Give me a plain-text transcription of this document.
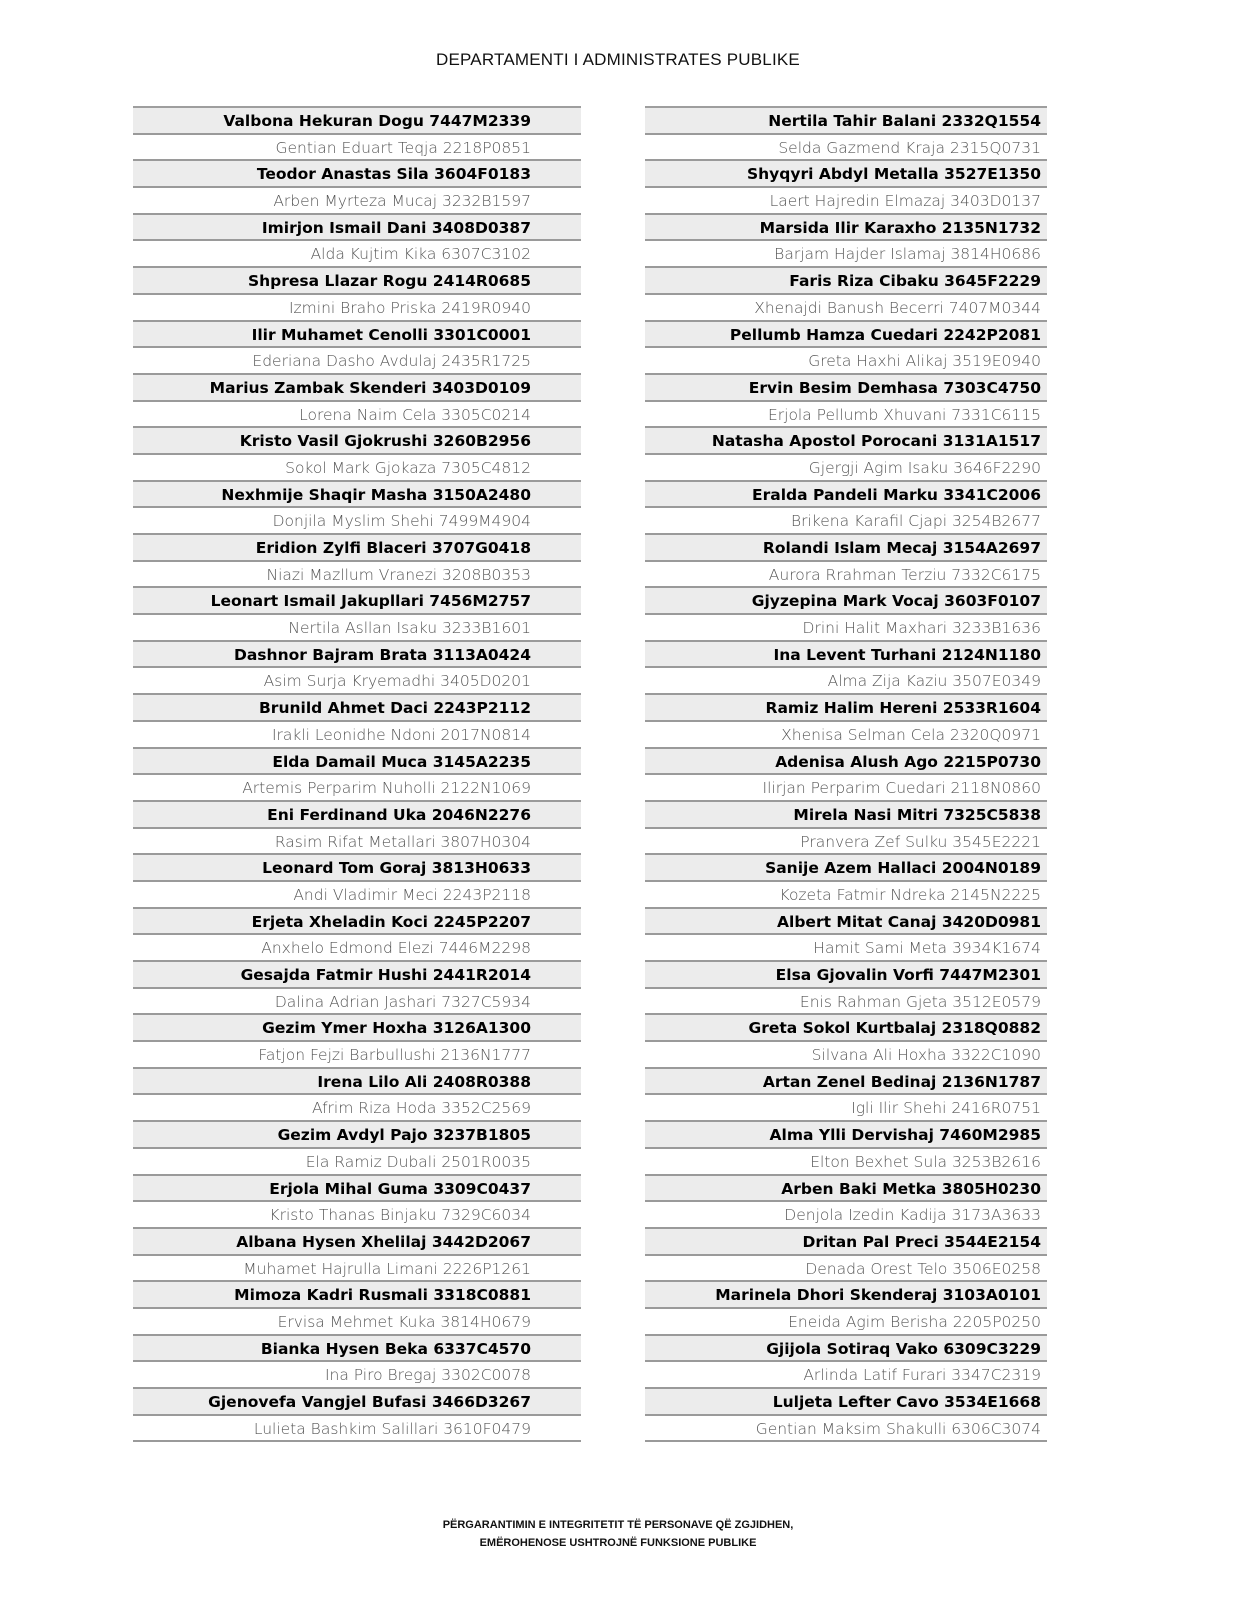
DEPARTAMENTI I ADMINISTRATES PUBLIKE
Valbona Hekuran Dogu 7447M2339
Gentian Eduart Teqja 2218P0851
Teodor Anastas Sila 3604F0183
Arben Myrteza Mucaj 3232B1597
Imirjon Ismail Dani 3408D0387
Alda Kujtim Kika 6307C3102
Shpresa Llazar Rogu 2414R0685
Izmini Braho Priska 2419R0940
Ilir Muhamet Cenolli 3301C0001
Ederiana Dasho Avdulaj 2435R1725
Marius Zambak Skenderi 3403D0109
Lorena Naim Cela 3305C0214
Kristo Vasil Gjokrushi 3260B2956
Sokol Mark Gjokaza 7305C4812
Nexhmije Shaqir Masha 3150A2480
Donjila Myslim Shehi 7499M4904
Eridion Zylfi Blaceri 3707G0418
Niazi Mazllum Vranezi 3208B0353
Leonart Ismail Jakupllari 7456M2757
Nertila Asllan Isaku 3233B1601
Dashnor Bajram Brata 3113A0424
Asim Surja Kryemadhi 3405D0201
Brunild Ahmet Daci 2243P2112
Irakli Leonidhe Ndoni 2017N0814
Elda Damail Muca 3145A2235
Artemis Perparim Nuholli 2122N1069
Eni Ferdinand Uka 2046N2276
Rasim Rifat Metallari 3807H0304
Leonard Tom Goraj 3813H0633
Andi Vladimir Meci 2243P2118
Erjeta Xheladin Koci 2245P2207
Anxhelo Edmond Elezi 7446M2298
Gesajda Fatmir Hushi 2441R2014
Dalina Adrian Jashari 7327C5934
Gezim Ymer Hoxha 3126A1300
Fatjon Fejzi Barbullushi 2136N1777
Irena Lilo Ali 2408R0388
Afrim Riza Hoda 3352C2569
Gezim Avdyl Pajo 3237B1805
Ela Ramiz Dubali 2501R0035
Erjola Mihal Guma 3309C0437
Kristo Thanas Binjaku 7329C6034
Albana Hysen Xhelilaj 3442D2067
Muhamet Hajrulla Limani 2226P1261
Mimoza Kadri Rusmali 3318C0881
Ervisa Mehmet Kuka 3814H0679
Bianka Hysen Beka 6337C4570
Ina Piro Bregaj 3302C0078
Gjenovefa Vangjel Bufasi 3466D3267
Lulieta Bashkim Salillari 3610F0479
Nertila Tahir Balani 2332Q1554
Selda Gazmend Kraja 2315Q0731
Shyqyri Abdyl Metalla 3527E1350
Laert Hajredin Elmazaj 3403D0137
Marsida Ilir Karaxho 2135N1732
Barjam Hajder Islamaj 3814H0686
Faris Riza Cibaku 3645F2229
Xhenajdi Banush Becerri 7407M0344
Pellumb Hamza Cuedari 2242P2081
Greta Haxhi Alikaj 3519E0940
Ervin Besim Demhasa 7303C4750
Erjola Pellumb Xhuvani 7331C6115
Natasha Apostol Porocani 3131A1517
Gjergji Agim Isaku 3646F2290
Eralda Pandeli Marku 3341C2006
Brikena Karafil Cjapi 3254B2677
Rolandi Islam Mecaj 3154A2697
Aurora Rrahman Terziu 7332C6175
Gjyzepina Mark Vocaj 3603F0107
Drini Halit Maxhari 3233B1636
Ina Levent Turhani 2124N1180
Alma Zija Kaziu 3507E0349
Ramiz Halim Hereni 2533R1604
Xhenisa Selman Cela 2320Q0971
Adenisa Alush Ago 2215P0730
Ilirjan Perparim Cuedari 2118N0860
Mirela Nasi Mitri 7325C5838
Pranvera Zef Sulku 3545E2221
Sanije Azem Hallaci 2004N0189
Kozeta Fatmir Ndreka 2145N2225
Albert Mitat Canaj 3420D0981
Hamit Sami Meta 3934K1674
Elsa Gjovalin Vorfi 7447M2301
Enis Rahman Gjeta 3512E0579
Greta Sokol Kurtbalaj 2318Q0882
Silvana Ali Hoxha 3322C1090
Artan Zenel Bedinaj 2136N1787
Igli Ilir Shehi 2416R0751
Alma Ylli Dervishaj 7460M2985
Elton Bexhet Sula 3253B2616
Arben Baki Metka 3805H0230
Denjola Izedin Kadija 3173A3633
Dritan Pal Preci 3544E2154
Denada Orest Telo 3506E0258
Marinela Dhori Skenderaj 3103A0101
Eneida Agim Berisha 2205P0250
Gjijola Sotiraq Vako 6309C3229
Arlinda Latif Furari 3347C2319
Luljeta Lefter Cavo 3534E1668
Gentian Maksim Shakulli 6306C3074
PËRGARANTIMIN E INTEGRITETIT TË PERSONAVE QË ZGJIDHEN,
EMËROHENOSE USHTROJNË FUNKSIONE PUBLIKE
